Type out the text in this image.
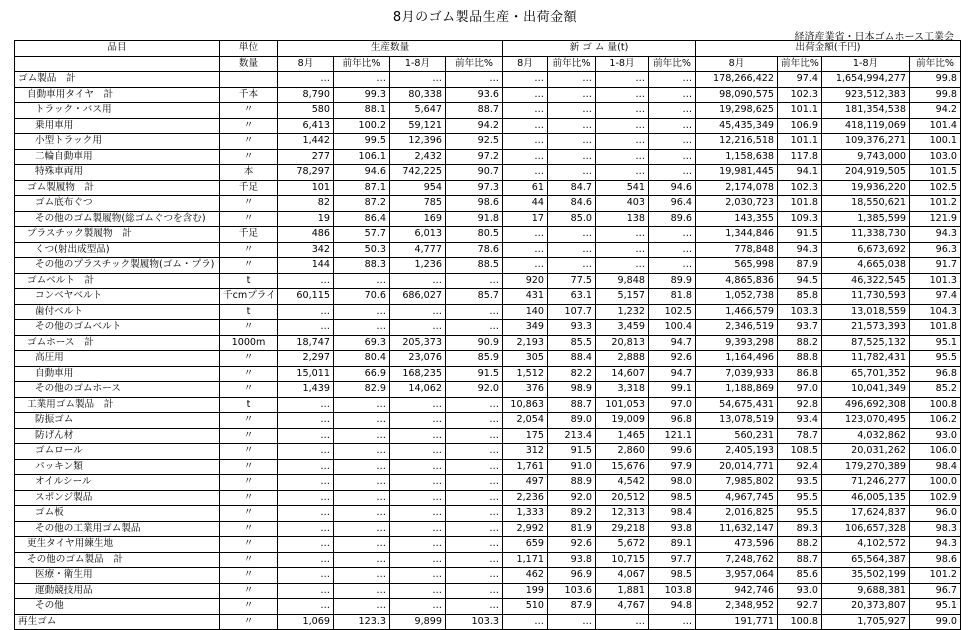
8月のゴム製品生産・出荷金額
経済産業省・日本ゴムホース工業会
品目	単位	生産数量				新 ゴ ム 量(t)				出荷金額(千円)			
	数量	8月	前年比%	1-8月	前年比%	8月	前年比%	1-8月	前年比%	8月	前年比%	1-8月	前年比%
ゴム製品　計		…	…	…	…	…	…	…	…	178,266,422	97.4	1,654,994,277	99.8
自動車用タイヤ　計	千本	8,790	99.3	80,338	93.6	…	…	…	…	98,090,575	102.3	923,512,383	99.8
トラック・バス用	〃	580	88.1	5,647	88.7	…	…	…	…	19,298,625	101.1	181,354,538	94.2
乗用車用	〃	6,413	100.2	59,121	94.2	…	…	…	…	45,435,349	106.9	418,119,069	101.4
小型トラック用	〃	1,442	99.5	12,396	92.5	…	…	…	…	12,216,518	101.1	109,376,271	100.1
二輪自動車用	〃	277	106.1	2,432	97.2	…	…	…	…	1,158,638	117.8	9,743,000	103.0
特殊車両用	本	78,297	94.6	742,225	90.7	…	…	…	…	19,981,445	94.1	204,919,505	101.5
ゴム製履物　計	千足	101	87.1	954	97.3	61	84.7	541	94.6	2,174,078	102.3	19,936,220	102.5
ゴム底布ぐつ	〃	82	87.2	785	98.6	44	84.6	403	96.4	2,030,723	101.8	18,550,621	101.2
その他のゴム製履物(総ゴムぐつを含む)	〃	19	86.4	169	91.8	17	85.0	138	89.6	143,355	109.3	1,385,599	121.9
プラスチック製履物　計	千足	486	57.7	6,013	80.5	…	…	…	…	1,344,846	91.5	11,338,730	94.3
くつ(射出成型品)	〃	342	50.3	4,777	78.6	…	…	…	…	778,848	94.3	6,673,692	96.3
その他のプラスチック製履物(ゴム・プラ)	〃	144	88.3	1,236	88.5	…	…	…	…	565,998	87.9	4,665,038	91.7
ゴムベルト　計	t	…	…	…	…	920	77.5	9,848	89.9	4,865,836	94.5	46,322,545	101.3
コンベヤベルト	千cmプライ	60,115	70.6	686,027	85.7	431	63.1	5,157	81.8	1,052,738	85.8	11,730,593	97.4
歯付ベルト	t	…	…	…	…	140	107.7	1,232	102.5	1,466,579	103.3	13,018,559	104.3
その他のゴムベルト	〃	…	…	…	…	349	93.3	3,459	100.4	2,346,519	93.7	21,573,393	101.8
ゴムホース　計	1000m	18,747	69.3	205,373	90.9	2,193	85.5	20,813	94.7	9,393,298	88.2	87,525,132	95.1
高圧用	〃	2,297	80.4	23,076	85.9	305	88.4	2,888	92.6	1,164,496	88.8	11,782,431	95.5
自動車用	〃	15,011	66.9	168,235	91.5	1,512	82.2	14,607	94.7	7,039,933	86.8	65,701,352	96.8
その他のゴムホース	〃	1,439	82.9	14,062	92.0	376	98.9	3,318	99.1	1,188,869	97.0	10,041,349	85.2
工業用ゴム製品　計	t	…	…	…	…	10,863	88.7	101,053	97.0	54,675,431	92.8	496,692,308	100.8
防振ゴム	〃	…	…	…	…	2,054	89.0	19,009	96.8	13,078,519	93.4	123,070,495	106.2
防げん材	〃	…	…	…	…	175	213.4	1,465	121.1	560,231	78.7	4,032,862	93.0
ゴムロール	〃	…	…	…	…	312	91.5	2,860	99.6	2,405,193	108.5	20,031,262	106.0
パッキン類	〃	…	…	…	…	1,761	91.0	15,676	97.9	20,014,771	92.4	179,270,389	98.4
オイルシール	〃	…	…	…	…	497	88.9	4,542	98.0	7,985,802	93.5	71,246,277	100.0
スポンジ製品	〃	…	…	…	…	2,236	92.0	20,512	98.5	4,967,745	95.5	46,005,135	102.9
ゴム板	〃	…	…	…	…	1,333	89.2	12,313	98.4	2,016,825	95.5	17,624,837	96.0
その他の工業用ゴム製品	〃	…	…	…	…	2,992	81.9	29,218	93.8	11,632,147	89.3	106,657,328	98.3
更生タイヤ用練生地	〃	…	…	…	…	659	92.6	5,672	89.1	473,596	88.2	4,102,572	94.3
その他のゴム製品　計	〃	…	…	…	…	1,171	93.8	10,715	97.7	7,248,762	88.7	65,564,387	98.6
医療・衛生用	〃	…	…	…	…	462	96.9	4,067	98.5	3,957,064	85.6	35,502,199	101.2
運動競技用品	〃	…	…	…	…	199	103.6	1,881	103.8	942,746	93.0	9,688,381	96.7
その他	〃	…	…	…	…	510	87.9	4,767	94.8	2,348,952	92.7	20,373,807	95.1
再生ゴム	〃	1,069	123.3	9,899	103.3	…	…	…	…	191,771	100.8	1,705,927	99.0
